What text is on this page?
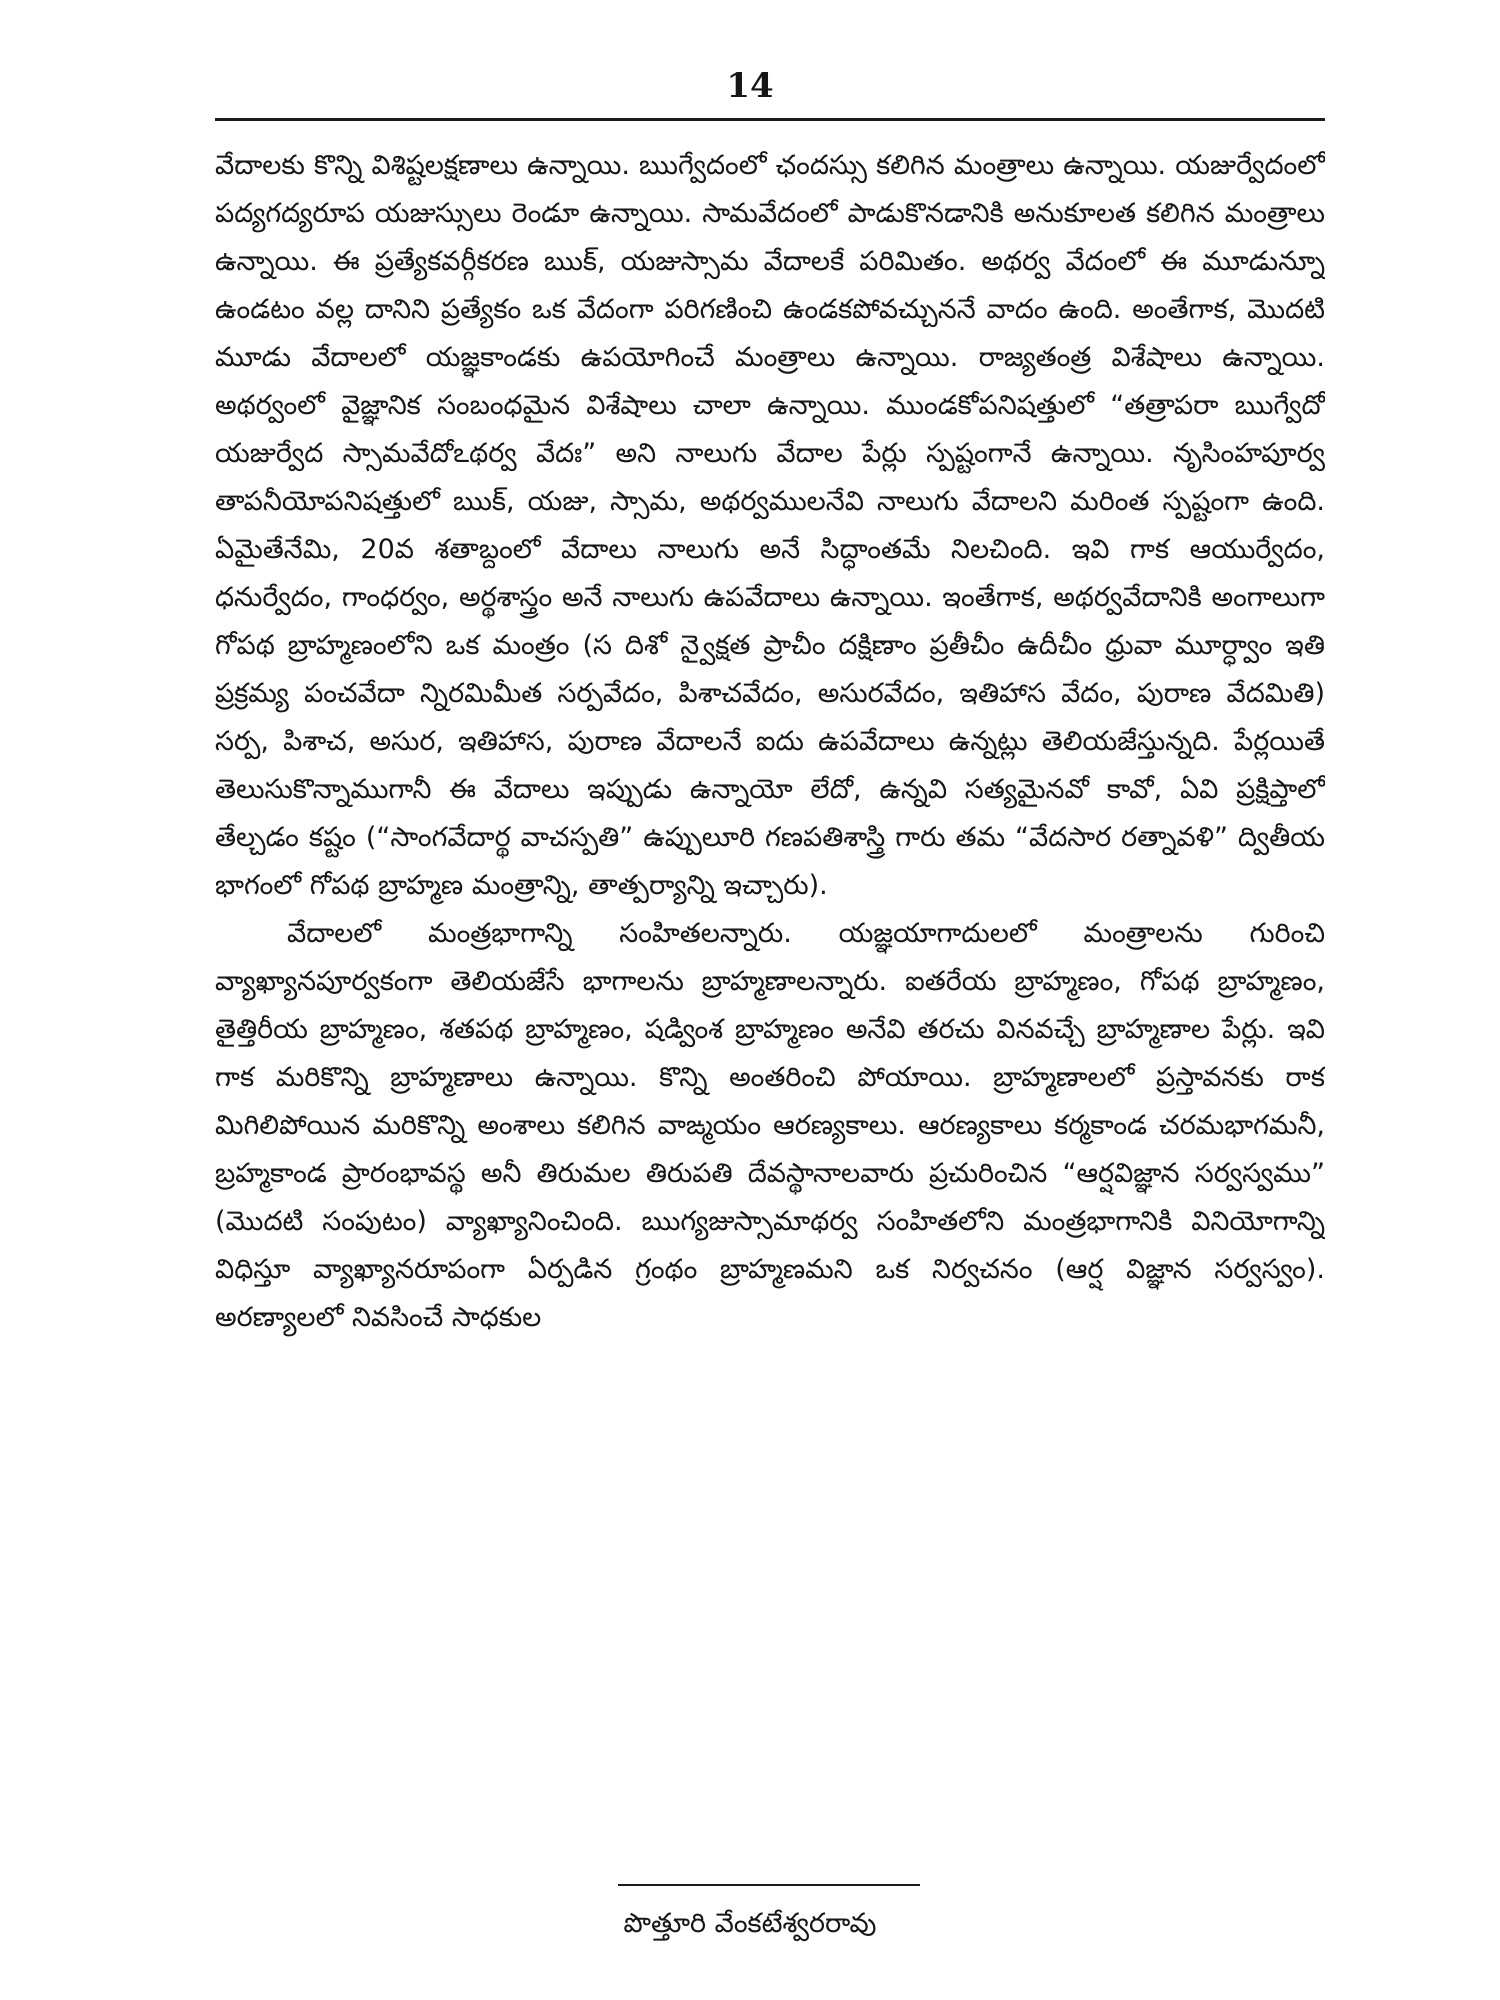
14

వేదాలకు కొన్ని విశిష్టలక్షణాలు ఉన్నాయి. ఋగ్వేదంలో ఛందస్సు కలిగిన మంత్రాలు ఉన్నాయి. యజుర్వేదంలో పద్యగద్యరూప యజుస్సులు రెండూ ఉన్నాయి. సామవేదంలో పాడుకొనడానికి అనుకూలత కలిగిన మంత్రాలు ఉన్నాయి. ఈ ప్రత్యేకవర్గీకరణ ఋక్, యజుస్సామ వేదాలకే పరిమితం. అథర్వ వేదంలో ఈ మూడున్నూ ఉండటం వల్ల దానిని ప్రత్యేకం ఒక వేదంగా పరిగణించి ఉండకపోవచ్చుననే వాదం ఉంది. అంతేగాక, మొదటి మూడు వేదాలలో యజ్ఞకాండకు ఉపయోగించే మంత్రాలు ఉన్నాయి. రాజ్యతంత్ర విశేషాలు ఉన్నాయి. అథర్వంలో వైజ్ఞానిక సంబంధమైన విశేషాలు చాలా ఉన్నాయి. ముండకోపనిషత్తులో “తత్రాపరా ఋగ్వేదో యజుర్వేద స్సామవేదోఽథర్వ వేదః” అని నాలుగు వేదాల పేర్లు స్పష్టంగానే ఉన్నాయి. నృసింహపూర్వ తాపనీయోపనిషత్తులో ఋక్, యజు, స్సామ, అథర్వములనేవి నాలుగు వేదాలని మరింత స్పష్టంగా ఉంది. ఏమైతేనేమి, 20వ శతాబ్దంలో వేదాలు నాలుగు అనే సిద్ధాంతమే నిలచింది. ఇవి గాక ఆయుర్వేదం, ధనుర్వేదం, గాంధర్వం, అర్థశాస్త్రం అనే నాలుగు ఉపవేదాలు ఉన్నాయి. ఇంతేగాక, అథర్వవేదానికి అంగాలుగా గోపథ బ్రాహ్మణంలోని ఒక మంత్రం (స దిశో న్వైక్షత ప్రాచీం దక్షిణాం ప్రతీచీం ఉదీచీం ధ్రువా మూర్ధ్వాం ఇతి ప్రక్రమ్య పంచవేదా న్నిరమిమీత సర్పవేదం, పిశాచవేదం, అసురవేదం, ఇతిహాస వేదం, పురాణ వేదమితి) సర్ప, పిశాచ, అసుర, ఇతిహాస, పురాణ వేదాలనే ఐదు ఉపవేదాలు ఉన్నట్లు తెలియజేస్తున్నది. పేర్లయితే తెలుసుకొన్నాముగానీ ఈ వేదాలు ఇప్పుడు ఉన్నాయో లేదో, ఉన్నవి సత్యమైనవో కావో, ఏవి ప్రక్షిప్తాలో తేల్చడం కష్టం (“సాంగవేదార్థ వాచస్పతి” ఉప్పులూరి గణపతిశాస్త్రి గారు తమ “వేదసార రత్నావళి” ద్వితీయ భాగంలో గోపథ బ్రాహ్మణ మంత్రాన్ని, తాత్పర్యాన్ని ఇచ్చారు).

వేదాలలో మంత్రభాగాన్ని సంహితలన్నారు. యజ్ఞయాగాదులలో మంత్రాలను గురించి వ్యాఖ్యానపూర్వకంగా తెలియజేసే భాగాలను బ్రాహ్మణాలన్నారు. ఐతరేయ బ్రాహ్మణం, గోపథ బ్రాహ్మణం, తైత్తిరీయ బ్రాహ్మణం, శతపథ బ్రాహ్మణం, షడ్వింశ బ్రాహ్మణం అనేవి తరచు వినవచ్చే బ్రాహ్మణాల పేర్లు. ఇవి గాక మరికొన్ని బ్రాహ్మణాలు ఉన్నాయి. కొన్ని అంతరించి పోయాయి. బ్రాహ్మణాలలో ప్రస్తావనకు రాక మిగిలిపోయిన మరికొన్ని అంశాలు కలిగిన వాఙ్మయం ఆరణ్యకాలు. ఆరణ్యకాలు కర్మకాండ చరమభాగమనీ, బ్రహ్మకాండ ప్రారంభావస్థ అనీ తిరుమల తిరుపతి దేవస్థానాలవారు ప్రచురించిన “ఆర్షవిజ్ఞాన సర్వస్వము” (మొదటి సంపుటం) వ్యాఖ్యానించింది. ఋగ్యజుస్సామాథర్వ సంహితలోని మంత్రభాగానికి వినియోగాన్ని విధిస్తూ వ్యాఖ్యానరూపంగా ఏర్పడిన గ్రంథం బ్రాహ్మణమని ఒక నిర్వచనం (ఆర్ష విజ్ఞాన సర్వస్వం). అరణ్యాలలో నివసించే సాధకుల

పొత్తూరి వేంకటేశ్వరరావు
